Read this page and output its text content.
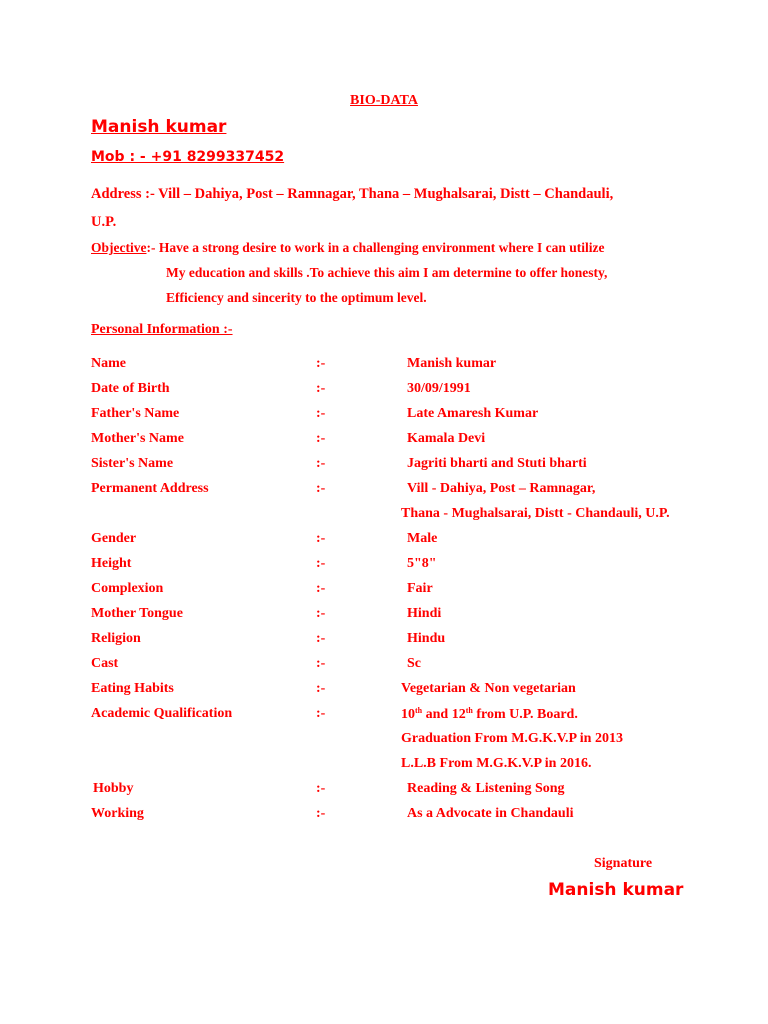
BIO-DATA
Manish kumar
Mob : - +91 8299337452
Address :- Vill – Dahiya, Post – Ramnagar, Thana – Mughalsarai, Distt – Chandauli,
U.P.
Objective:- Have a strong desire to work in a challenging environment where I can utilize
My education and skills .To achieve this aim I am determine to offer honesty,
Efficiency and sincerity to the optimum level.
Personal Information :-
Name	:-	Manish kumar
Date of Birth	:-	30/09/1991
Father's Name	:-	Late Amaresh Kumar
Mother's Name	:-	Kamala Devi
Sister's Name	:-	Jagriti bharti and Stuti bharti
Permanent Address	:-	Vill - Dahiya, Post – Ramnagar,
Thana - Mughalsarai, Distt - Chandauli, U.P.
Gender	:-	Male
Height	:-	5"8"
Complexion	:-	Fair
Mother Tongue	:-	Hindi
Religion	:-	Hindu
Cast	:-	Sc
Eating Habits	:-	Vegetarian & Non vegetarian
Academic Qualification	:-	10th and 12th from U.P. Board.
Graduation From M.G.K.V.P in 2013
L.L.B From M.G.K.V.P in 2016.
Hobby	:-	Reading & Listening Song
Working	:-	As a Advocate in Chandauli
Signature
Manish kumar
